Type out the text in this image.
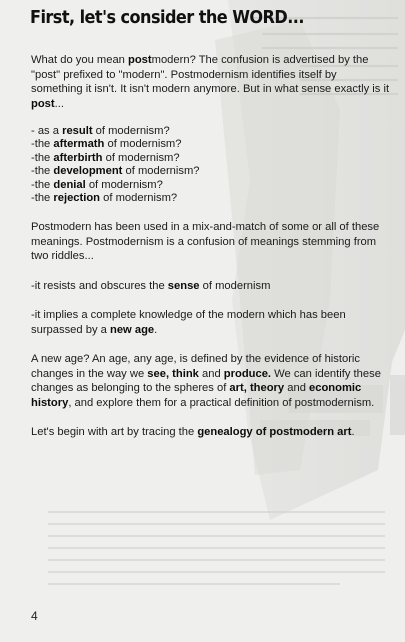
First, let's consider the WORD...

What do you mean postmodern? The confusion is advertised by the "post" prefixed to "modern". Postmodernism identifies itself by something it isn't. It isn't modern anymore. But in what sense exactly is it post...

- as a result of modernism?

-the aftermath of modernism?

-the afterbirth of modernism?

-the development of modernism?

-the denial of modernism?

-the rejection of modernism?

Postmodern has been used in a mix-and-match of some or all of these meanings. Postmodernism is a confusion of meanings stemming from two riddles...

-it resists and obscures the sense of modernism

-it implies a complete knowledge of the modern which has been surpassed by a new age.

A new age? An age, any age, is defined by the evidence of historic changes in the way we see, think and produce. We can identify these changes as belonging to the spheres of art, theory and economic history, and explore them for a practical definition of postmodernism.

Let's begin with art by tracing the genealogy of postmodern art.

4
